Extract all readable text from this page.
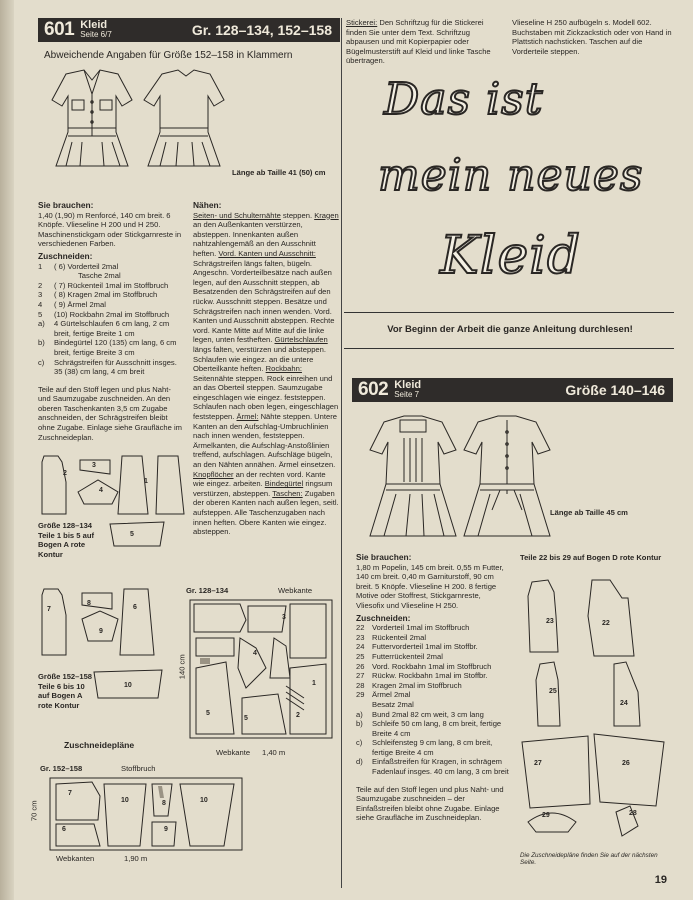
601 Kleid
Seite 6/7	Gr. 128–134, 152–158
Abweichende Angaben für Größe 152–158 in Klammern
Länge ab Taille 41 (50) cm
Sie brauchen:

1,40 (1,90) m Renforcé, 140 cm breit. 6 Knöpfe. Vlieseline H 200 und H 250. Maschinenstickgarn oder Stickgarnreste in verschiedenen Farben.

Zuschneiden:
1	( 6) Vorderteil 2mal
Tasche 2mal
2	( 7) Rückenteil 1mal im Stoffbruch
3	( 8) Kragen 2mal im Stoffbruch
4	( 9) Ärmel 2mal
5	(10) Rockbahn 2mal im Stoffbruch
a)	4 Gürtelschlaufen 6 cm lang, 2 cm breit, fertige Breite 1 cm
b)	Bindegürtel 120 (135) cm lang, 6 cm breit, fertige Breite 3 cm
c)	Schrägstreifen für Ausschnitt insges. 35 (38) cm lang, 4 cm breit

Teile auf den Stoff legen und plus Naht- und Saumzugabe zuschneiden. An den oberen Taschenkanten 3,5 cm Zugabe anschneiden, der Schrägstreifen bleibt ohne Zugabe. Einlage siehe Graufläche im Zuschneideplan.

2
3
4
1
5
Größe 128–134 Teile 1 bis 5 auf Bogen A rote Kontur
7
8
9
6
10
Größe 152–158 Teile 6 bis 10 auf Bogen A rote Kontur
Zuschneidepläne
Gr. 128–134	Webkante
4
3
1
5
5	2
140 cm
Webkante 1,40 m
Gr. 152–158	Stoffbruch
7
10	8	10
9
6
70 cm
Webkanten	1,90 m
Nähen:

Seiten- und Schulternähte steppen. Kragen an den Außenkanten verstürzen, absteppen. Innenkanten außen nahtzahlengemäß an den Ausschnitt heften. Vord. Kanten und Ausschnitt: Schrägstreifen längs falten, bügeln. Angeschn. Vorderteilbesätze nach außen legen, auf den Ausschnitt steppen, ab Besatzenden den Schrägstreifen auf den rückw. Ausschnitt steppen. Besätze und Schrägstreifen nach innen wenden. Vord. Kanten und Ausschnitt absteppen. Rechte vord. Kante Mitte auf Mitte auf die linke legen, unten festheften. Gürtelschlaufen längs falten, verstürzen und absteppen. Schlaufen wie eingez. an die untere Oberteilkante heften. Rockbahn: Seitennähte steppen. Rock einreihen und an das Oberteil steppen. Saumzugabe eingeschlagen wie eingez. feststeppen. Schlaufen nach oben legen, eingeschlagen feststeppen. Ärmel: Nähte steppen. Untere Kanten an den Aufschlag-Umbruchlinien nach innen wenden, feststeppen. Ärmelkanten, die Aufschlag-Anstoßlinien treffend, aufschlagen. Aufschläge bügeln, an den Nähten annähen. Ärmel einsetzen. Knopflöcher an der rechten vord. Kante wie eingez. arbeiten. Bindegürtel ringsum verstürzen, absteppen. Taschen: Zugaben der oberen Kanten nach außen legen, seitl. aufsteppen. Alle Taschenzugaben nach innen heften. Obere Kanten wie eingez. absteppen.

Stickerei: Den Schriftzug für die Stickerei finden Sie unter dem Text. Schriftzug abpausen und mit Kopierpapier oder Bügelmusterstift auf Kleid und linke Tasche übertragen.
Vlieseline H 250 aufbügeln s. Modell 602. Buchstaben mit Zickzackstich oder von Hand in Plattstich nachsticken. Taschen auf die Vorderteile steppen.
Das ist
mein neues
Kleid
Vor Beginn der Arbeit die ganze Anleitung durchlesen!
602 Kleid
Seite 7	Größe 140–146
Länge ab Taille 45 cm
Sie brauchen:

1,80 m Popelin, 145 cm breit. 0,55 m Futter, 140 cm breit. 0,40 m Garniturstoff, 90 cm breit. 5 Knöpfe. Vlieseline H 200. 8 fertige Motive oder Stoffrest, Stickgarnreste, Vliesofix und Vlieseline H 250.

Zuschneiden:
22 Vorderteil 1mal im Stoffbruch
23 Rückenteil 2mal
24 Futtervorderteil 1mal im Stoffbr.
25 Futterrückenteil 2mal
26 Vord. Rockbahn 1mal im Stoffbruch
27 Rückw. Rockbahn 1mal im Stoffbr.
28 Kragen 2mal im Stoffbruch
29 Ärmel 2mal
Besatz 2mal
a)	Bund 2mal 82 cm weit, 3 cm lang
b)	Schleife 50 cm lang, 8 cm breit, fertige Breite 4 cm
c)	Schleifensteg 9 cm lang, 8 cm breit, fertige Breite 4 cm
d)	Einfaßstreifen für Kragen, in schrägem Fadenlauf insges. 40 cm lang, 3 cm breit

Teile auf den Stoff legen und plus Naht- und Saumzugabe zuschneiden – der Einfaßstreifen bleibt ohne Zugabe. Einlage siehe Graufläche im Zuschneideplan.

Teile 22 bis 29 auf Bogen D rote Kontur
23	22
25
24
27	26
29	28
Die Zuschneidepläne finden Sie auf der nächsten Seite.
19
